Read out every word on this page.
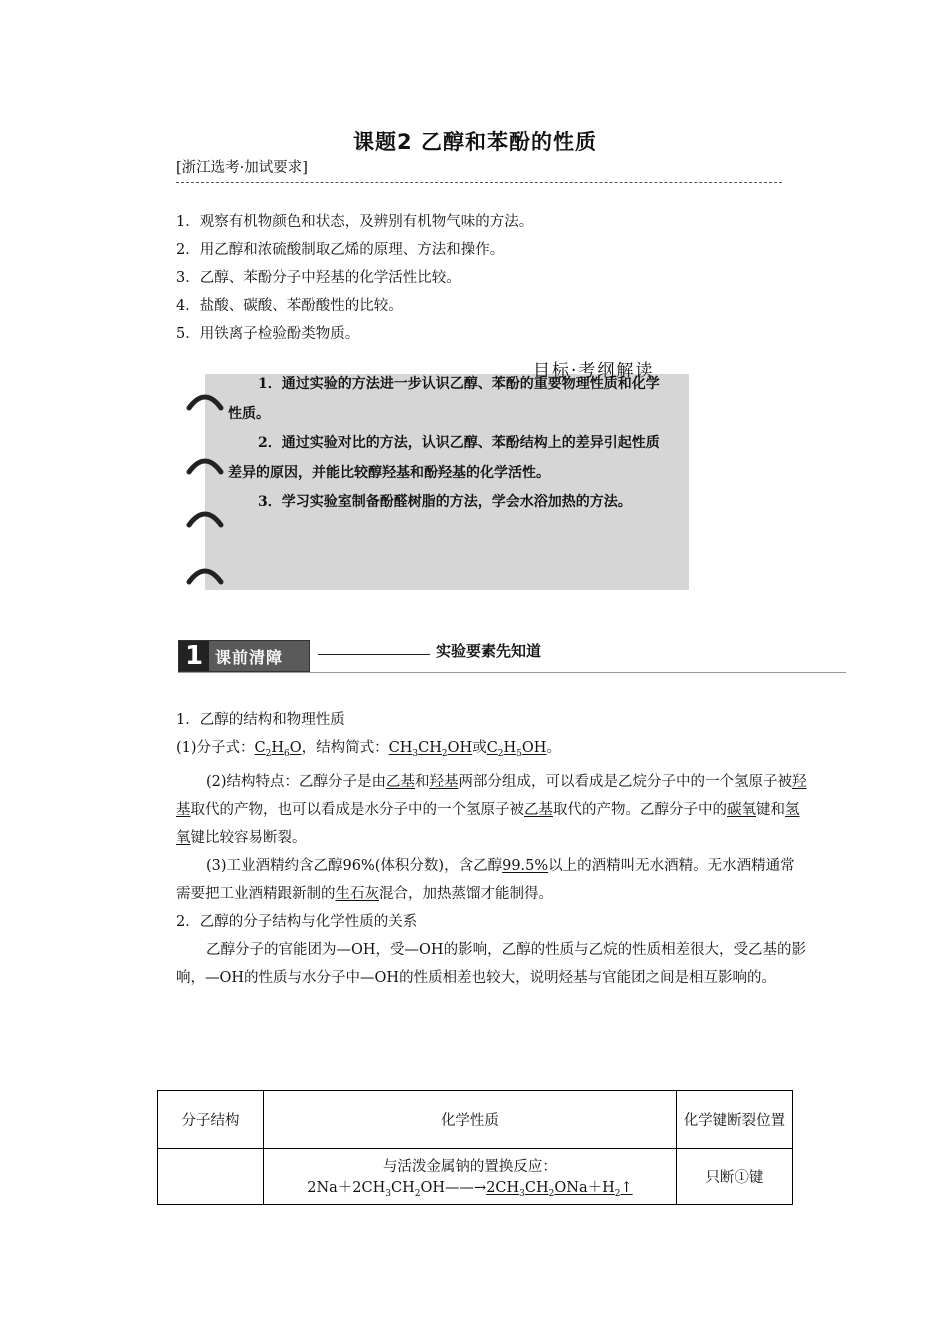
课题2 乙醇和苯酚的性质
[浙江选考·加试要求]
1．观察有机物颜色和状态，及辨别有机物气味的方法。
2．用乙醇和浓硫酸制取乙烯的原理、方法和操作。
3．乙醇、苯酚分子中羟基的化学活性比较。
4．盐酸、碳酸、苯酚酸性的比较。
5．用铁离子检验酚类物质。
目标·考纲解读

1．通过实验的方法进一步认识乙醇、苯酚的重要物理性质和化学性质。

2．通过实验对比的方法，认识乙醇、苯酚结构上的差异引起性质差异的原因，并能比较醇羟基和酚羟基的化学活性。

3．学习实验室制备酚醛树脂的方法，学会水浴加热的方法。

1 课前清障	实验要素先知道

1．乙醇的结构和物理性质

(1)分子式：$C_2H_6O$，结构简式：$CH_3CH_2OH$或$C_2H_5OH$。

(2)结构特点：乙醇分子是由乙基和羟基两部分组成，可以看成是乙烷分子中的一个氢原子被羟基取代的产物，也可以看成是水分子中的一个氢原子被乙基取代的产物。乙醇分子中的碳氧键和氢氧键比较容易断裂。

(3)工业酒精约含乙醇96%(体积分数)，含乙醇99.5%以上的酒精叫无水酒精。无水酒精通常需要把工业酒精跟新制的生石灰混合，加热蒸馏才能制得。

2．乙醇的分子结构与化学性质的关系

乙醇分子的官能团为—OH，受—OH的影响，乙醇的性质与乙烷的性质相差很大，受乙基的影响，—OH的性质与水分子中—OH的性质相差也较大，说明烃基与官能团之间是相互影响的。

分子结构	化学性质	化学键断裂位置

	与活泼金属钠的置换反应：
$2Na+2CH_3CH_2OH——\to 2CH_3CH_2ONa+H_2↑$	只断①键
